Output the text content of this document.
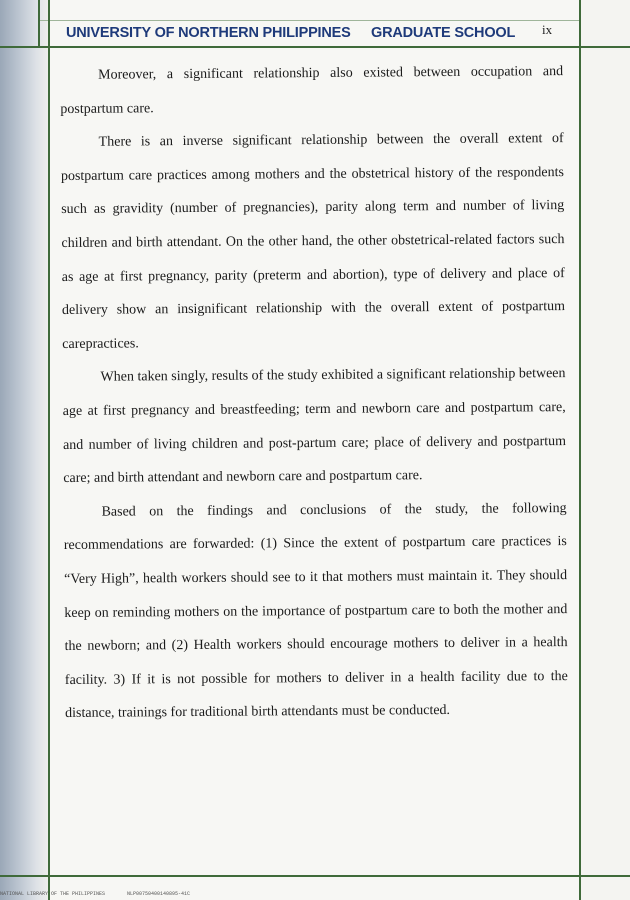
UNIVERSITY OF NORTHERN PHILIPPINES GRADUATE SCHOOL ix

Moreover, a significant relationship also existed between occupation and postpartum care.

There is an inverse significant relationship between the overall extent of postpartum care practices among mothers and the obstetrical history of the respondents such as gravidity (number of pregnancies), parity along term and number of living children and birth attendant. On the other hand, the other obstetrical-related factors such as age at first pregnancy, parity (preterm and abortion), type of delivery and place of delivery show an insignificant relationship with the overall extent of postpartum carepractices.

When taken singly, results of the study exhibited a significant relationship between age at first pregnancy and breastfeeding; term and newborn care and postpartum care, and number of living children and post-partum care; place of delivery and postpartum care; and birth attendant and newborn care and postpartum care.

Based on the findings and conclusions of the study, the following recommendations are forwarded: (1) Since the extent of postpartum care practices is “Very High”, health workers should see to it that mothers must maintain it. They should keep on reminding mothers on the importance of postpartum care to both the mother and the newborn; and (2) Health workers should encourage mothers to deliver in a health facility. 3) If it is not possible for mothers to deliver in a health facility due to the distance, trainings for traditional birth attendants must be conducted.

NATIONAL LIBRARY OF THE PHILIPPINES	NLP00750400140895-41C
